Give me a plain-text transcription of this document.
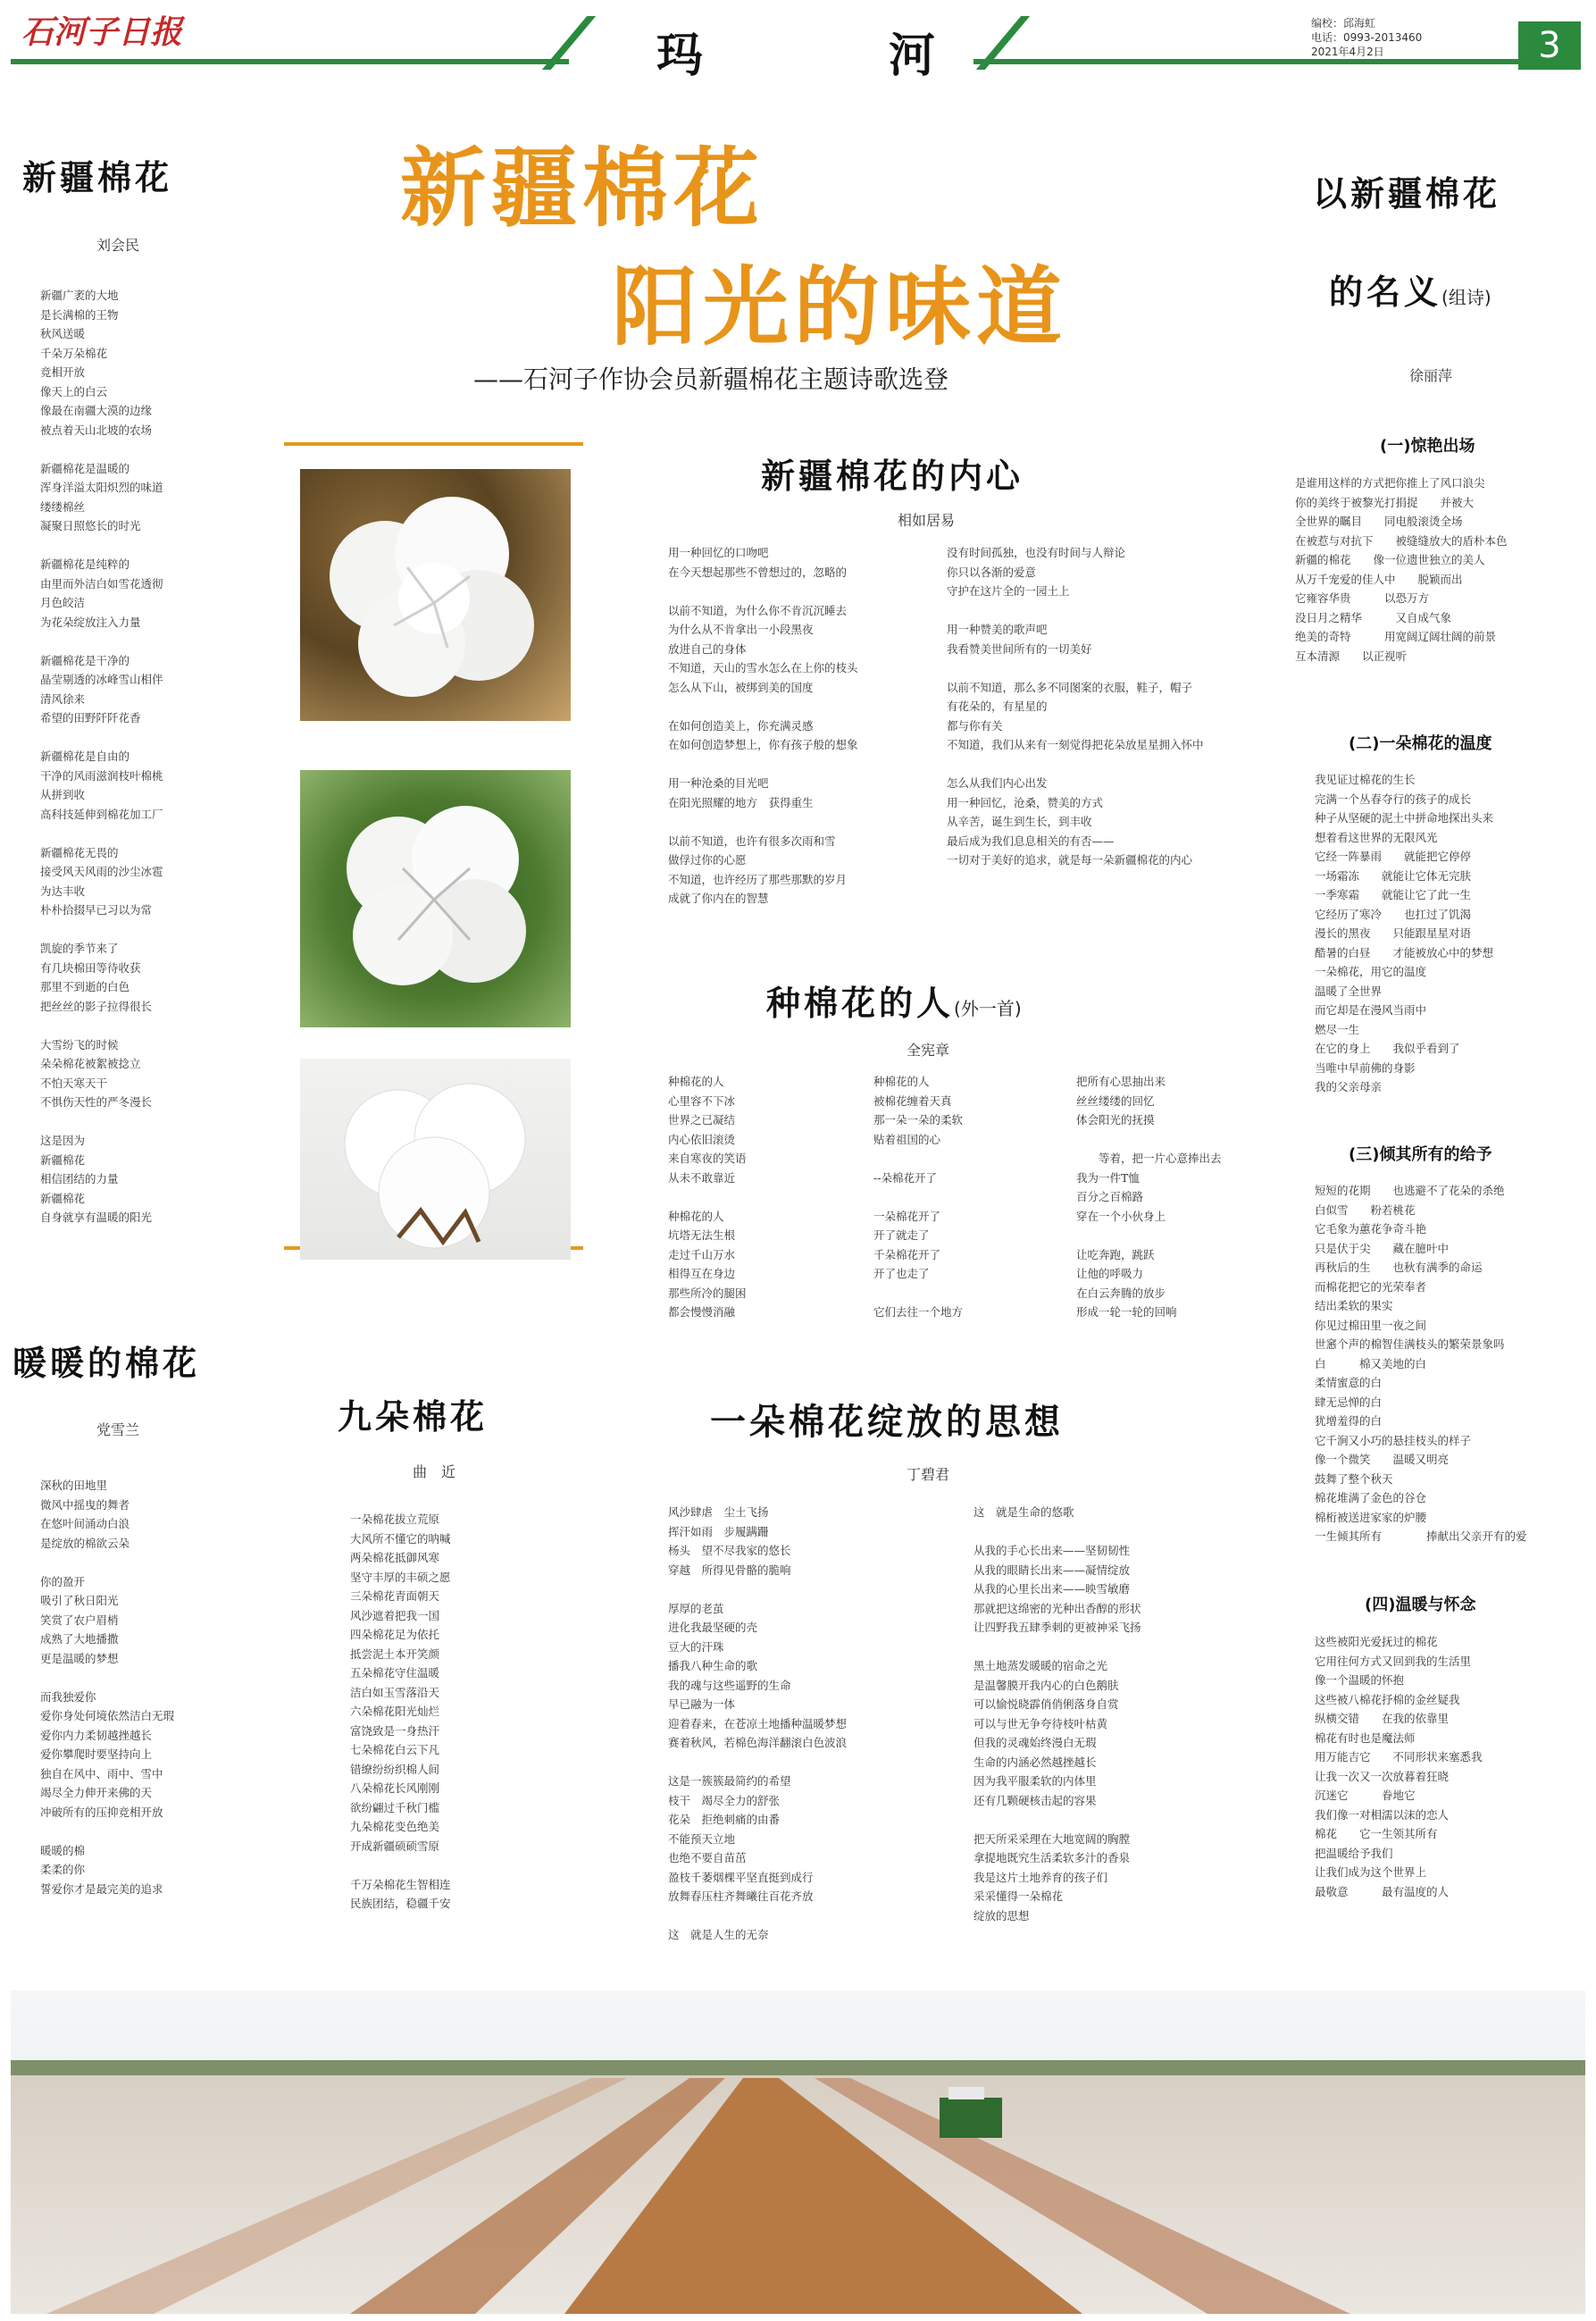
石河子日报	玛	河
编校：邱海虹
电话：0993-2013460
2021年4月2日	3
新疆棉花
阳光的味道
——石河子作协会员新疆棉花主题诗歌选登
新疆棉花
刘会民
新疆广袤的大地
是长满棉的王物
秋风送暖
千朵万朵棉花
竞相开放
像天上的白云
像最在南疆大漠的边缘
被点着天山北坡的农场

新疆棉花是温暖的
浑身洋溢太阳炽烈的味道
缕缕棉丝
凝聚日照悠长的时光

新疆棉花是纯粹的
由里而外洁白如雪花透彻
月色皎洁
为花朵绽放注入力量

新疆棉花是干净的
晶莹剔透的冰峰雪山相伴
清风徐来
希望的田野阡阡花香

新疆棉花是自由的
干净的风雨滋润枝叶棉桃
从拼到收
高科技延伸到棉花加工厂

新疆棉花无畏的
接受风天风雨的沙尘冰雹
为达丰收
朴朴拾掇早已习以为常

凯旋的季节来了
有几块棉田等待收获
那里不到逝的白色
把丝丝的影子拉得很长

大雪纷飞的时候
朵朵棉花被絮被捻立
不怕天寒天干
不惧伤天性的严冬漫长

这是因为
新疆棉花
相信团结的力量
新疆棉花
自身就享有温暖的阳光
暖暖的棉花
党雪兰
深秋的田地里
微风中摇曳的舞者
在悠叶间涌动白浪
是绽放的棉欲云朵

你的盈开
吸引了秋日阳光
笑赏了农户眉梢
成熟了大地播撒
更是温暖的梦想

而我独爱你
爱你身处何境依然洁白无瑕
爱你内力柔韧越挫越长
爱你攀爬时要坚持向上
独自在风中、雨中、雪中
竭尽全力伸开来佛的天
冲破所有的压抑竞相开放

暖暖的棉
柔柔的你
誓爱你才是最完美的追求
九朵棉花
曲　近
一朵棉花拔立荒原
大风所不懂它的呐喊
两朵棉花抵御风寒
坚守丰厚的丰硕之愿
三朵棉花青面朝天
风沙遮着把我一国
四朵棉花足为依托
抵尝泥土本开笑颜
五朵棉花守住温暖
洁白如玉雪落沿天
六朵棉花阳光灿烂
富饶致是一身热汗
七朵棉花白云下凡
错缭纷纷织棉人间
八朵棉花长风刚刚
欲纷翩过千秋门槛
九朵棉花变色绝美
开成新疆硕硕雪原

千万朵棉花生智相连
民族团结，稳疆千安
新疆棉花的内心
相如居易
用一种回忆的口吻吧
在今天想起那些不曾想过的，忽略的

以前不知道，为什么你不肯沉沉睡去
为什么从不肯拿出一小段黑夜
放进自己的身体
不知道，天山的雪水怎么在上你的枝头
怎么从下山，被绑到美的国度

在如何创造美上，你充满灵感
在如何创造梦想上，你有孩子般的想象

用一种沧桑的目光吧
在阳光照耀的地方　获得重生

以前不知道，也许有很多次雨和雪
做俘过你的心愿
不知道，也许经历了那些那默的岁月
成就了你内在的智慧
没有时间孤独，也没有时间与人辩论
你只以各渐的爱意
守护在这片全的一园土上

用一种赞美的歌声吧
我看赞美世间所有的一切美好

以前不知道，那么多不同图案的衣服，鞋子，帽子
有花朵的，有星星的
都与你有关
不知道，我们从来有一刻觉得把花朵放星星拥入怀中

怎么从我们内心出发
用一种回忆，沧桑，赞美的方式
从辛苦，诞生到生长，到丰收
最后成为我们息息相关的有否——
一切对于美好的追求，就是每一朵新疆棉花的内心
种棉花的人(外一首)
全宪章
种棉花的人
心里容不下冰
世界之已凝结
内心依旧滚烫
来自寒夜的笑语
从未不敢靠近

种棉花的人
坑塔无法生根
走过千山万水
相得互在身边
那些所冷的腿困
都会慢慢消融
种棉花的人
被棉花缠着天真
那一朵一朵的柔软
贴着祖国的心

--朵棉花开了

一朵棉花开了
开了就走了
千朵棉花开了
开了也走了

它们去往一个地方
把所有心思抽出来
丝丝缕缕的回忆
体会阳光的抚摸

　　等着，把一片心意捧出去
我为一件T恤
百分之百棉路
穿在一个小伙身上

让吃奔跑，跳跃
让他的呼吸力
在白云奔腾的放步
形成一轮一轮的回响
一朵棉花绽放的思想
丁碧君
风沙肆虐　尘土飞扬
挥汗如雨　步履蹒跚
杨头　望不尽我家的悠长
穿越　所得见骨骼的脆响

厚厚的老茧
进化我最坚硬的壳
豆大的汗珠
播我八种生命的歌
我的魂与这些遥野的生命
早已融为一体
迎着春来，在苍凉土地播种温暖梦想
赛着秋风，若棉色海洋翻滚白色波浪

这是一簇簇最简约的希望
枝干　竭尽全力的舒张
花朵　拒绝刺痛的由番
不能预天立地
也绝不要自苗茁
盈枝千萎烟棵平坚直挺到成行
放舞春压柱齐舞曦往百花齐放

这　就是人生的无奈
这　就是生命的悠歌

从我的手心长出来——坚韧韧性
从我的眼睛长出来——凝情绽放
从我的心里长出来——映雪敏磨
那就把这绵密的光种出香醇的形状
让四野我五肆季刺的更被神采飞扬

黑土地蒸发暖暖的宿命之光
是温馨膜开我内心的白色鹅肤
可以愉悦晓霹俏俏俐落身自赏
可以与世无争夸待枝叶枯黄
但我的灵魂始终漫白无瑕
生命的内涵必然越挫越长
因为我平服柔软的内体里
还有几颗硬核击起的容果

把天所采采理在大地宽阔的胸膛
拿提地既究生活柔软多汁的香泉
我是这片土地养育的孩子们
采采懂得一朵棉花
绽放的思想
以新疆棉花
的名义(组诗)
徐丽萍
(一)惊艳出场
是谁用这样的方式把你推上了风口浪尖
你的美终于被黎光打捐捉　　并被大
全世界的瞩目　　同电般滚烫全场
在被惹与对抗下　　被缝缝放大的盾朴本色
新疆的棉花　　像一位遗世独立的美人
从万千宠爱的佳人中　　脱颖而出
它雍容华贵　　　以恐万方
没日月之精华　　　又自成气象
绝美的奇特　　　用宽阔辽阔壮阔的前景
互本清源　　以正视听
(二)一朵棉花的温度
我见证过棉花的生长
完满一个丛春夺行的孩子的成长
种子从坚硬的泥土中拼命地探出头来
想着看这世界的无限风光
它经一阵暴雨　　就能把它停停
一场霜冻　　就能让它体无完肤
一季寒霜　　就能让它了此一生
它经历了寒冷　　也扛过了饥渴
漫长的黑夜　　只能跟星星对语
酷暑的白昼　　才能被放心中的梦想
一朵棉花，用它的温度
温暖了全世界
而它却是在漫风当雨中
燃尽一生
在它的身上　　我似乎看到了
当唯中早前佛的身影
我的父亲母亲
(三)倾其所有的给予
短短的花期　　也逃避不了花朵的杀绝
白似雪　　粉若桃花
它毛象为蕙花争奇斗艳
只是伏于尖　　藏在臆叶中
再秋后的生　　也秋有满季的命运
而棉花把它的光荣奉者
结出柔软的果实
你见过棉田里一夜之间
世窸个声的棉智佳满枝头的繁荣景象吗
白　　　棉又美地的白
柔情蜜意的白
肆无忌惮的白
犹增羞得的白
它千涧又小巧的悬挂枝头的样子
像一个微笑　　温暖又明亮
鼓舞了整个秋天
棉花堆满了金色的谷仓
棉桁被送进家家的炉腰
一生倾其所有　　　　捧献出父亲开有的爱
(四)温暖与怀念
这些被阳光爱抚过的棉花
它用往何方式又回到我的生活里
像一个温暖的怀抱
这些被八棉花抒棉的金丝疑我
纵横交错　　在我的依靠里
棉花有时也是魔法师
用万能吉它　　不同形状来塞悉我
让我一次又一次放暮着狂晓
沉迷它　　　眷地它
我们像一对相濡以沫的恋人
棉花　　它一生领其所有
把温暖给予我们
让我们成为这个世界上
最敬意　　　最有温度的人
